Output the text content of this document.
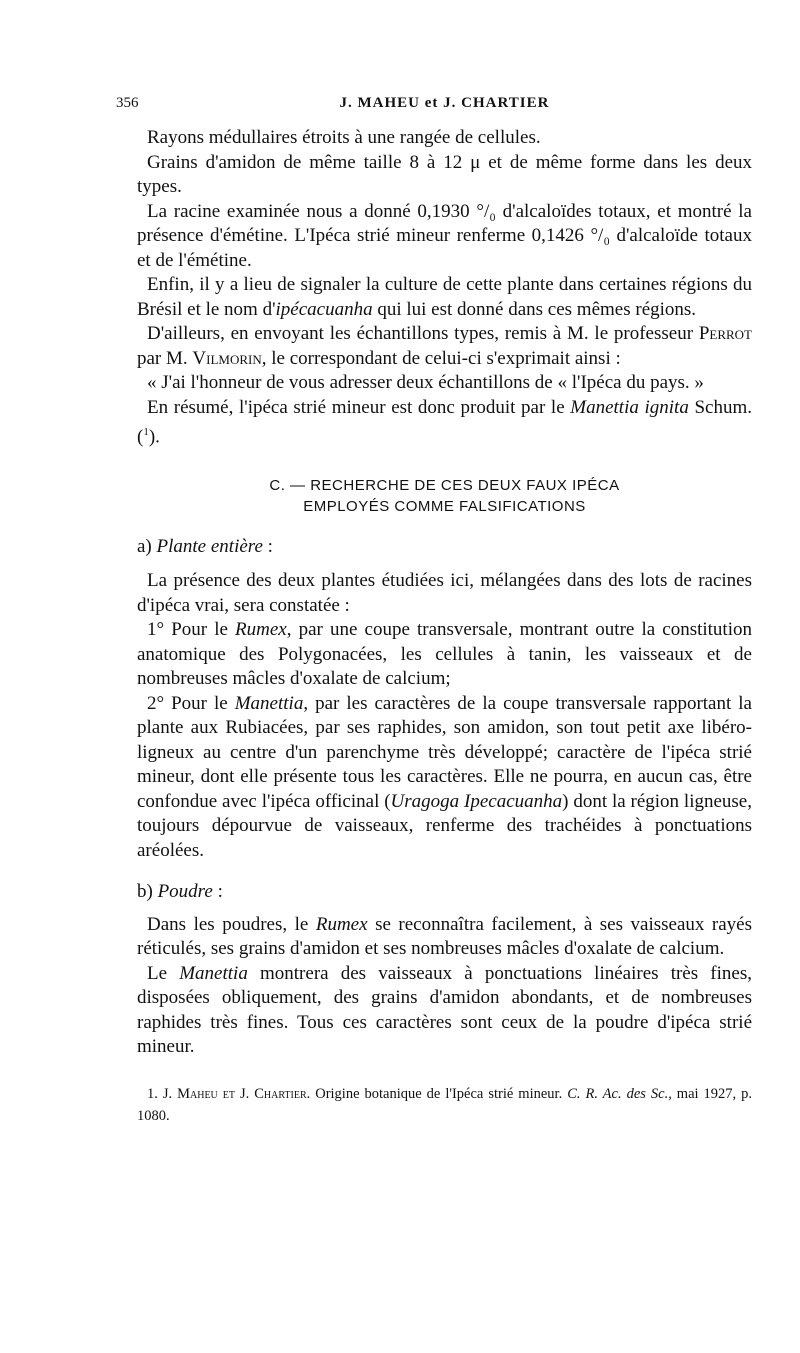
356	J. MAHEU et J. CHARTIER

Rayons médullaires étroits à une rangée de cellules.

Grains d'amidon de même taille 8 à 12 μ et de même forme dans les deux types.

La racine examinée nous a donné 0,1930 °/₀ d'alcaloïdes totaux, et montré la présence d'émétine. L'Ipéca strié mineur renferme 0,1426 °/₀ d'alcaloïde totaux et de l'émétine.

Enfin, il y a lieu de signaler la culture de cette plante dans certaines régions du Brésil et le nom d'ipécacuanha qui lui est donné dans ces mêmes régions.

D'ailleurs, en envoyant les échantillons types, remis à M. le professeur Perrot par M. Vilmorin, le correspondant de celui-ci s'exprimait ainsi :

« J'ai l'honneur de vous adresser deux échantillons de « l'Ipéca du pays. »

En résumé, l'ipéca strié mineur est donc produit par le Manettia ignita Schum. ($^1$).

C. — RECHERCHE DE CES DEUX FAUX IPÉCA
EMPLOYÉS COMME FALSIFICATIONS
a) Plante entière :

La présence des deux plantes étudiées ici, mélangées dans des lots de racines d'ipéca vrai, sera constatée :

1° Pour le Rumex, par une coupe transversale, montrant outre la constitution anatomique des Polygonacées, les cellules à tanin, les vaisseaux et de nombreuses mâcles d'oxalate de calcium;

2° Pour le Manettia, par les caractères de la coupe transversale rapportant la plante aux Rubiacées, par ses raphides, son amidon, son tout petit axe libéro-ligneux au centre d'un parenchyme très développé; caractère de l'ipéca strié mineur, dont elle présente tous les caractères. Elle ne pourra, en aucun cas, être confondue avec l'ipéca officinal (Uragoga Ipecacuanha) dont la région ligneuse, toujours dépourvue de vaisseaux, renferme des trachéides à ponctuations aréolées.

b) Poudre :

Dans les poudres, le Rumex se reconnaîtra facilement, à ses vaisseaux rayés réticulés, ses grains d'amidon et ses nombreuses mâcles d'oxalate de calcium.

Le Manettia montrera des vaisseaux à ponctuations linéaires très fines, disposées obliquement, des grains d'amidon abondants, et de nombreuses raphides très fines. Tous ces caractères sont ceux de la poudre d'ipéca strié mineur.

1. J. Maheu et J. Chartier. Origine botanique de l'Ipéca strié mineur. C. R. Ac. des Sc., mai 1927, p. 1080.
